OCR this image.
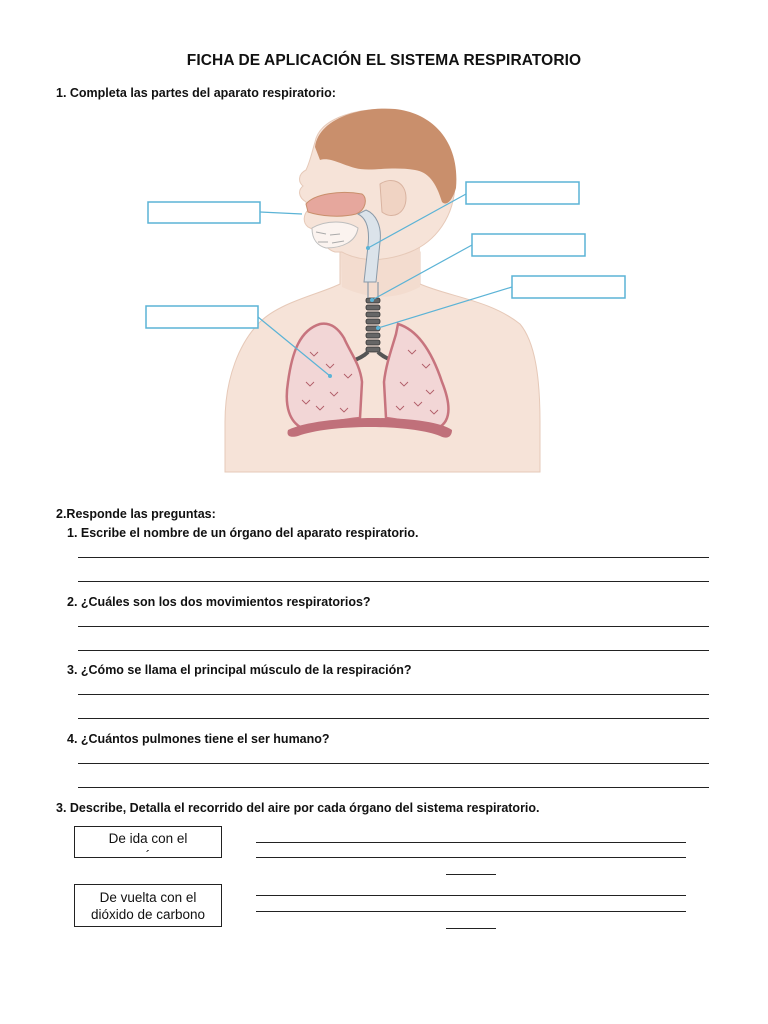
FICHA DE APLICACIÓN EL SISTEMA RESPIRATORIO
1. Completa las partes del aparato respiratorio:
2.Responde las preguntas:
1. Escribe el nombre de un órgano del aparato respiratorio.
2. ¿Cuáles son los dos movimientos respiratorios?
3. ¿Cómo se llama el principal músculo de la respiración?
4. ¿Cuántos pulmones tiene el ser humano?
3. Describe, Detalla el recorrido del aire por cada órgano del sistema respiratorio.
De ida con el
´
De vuelta con el
dióxido de carbono
